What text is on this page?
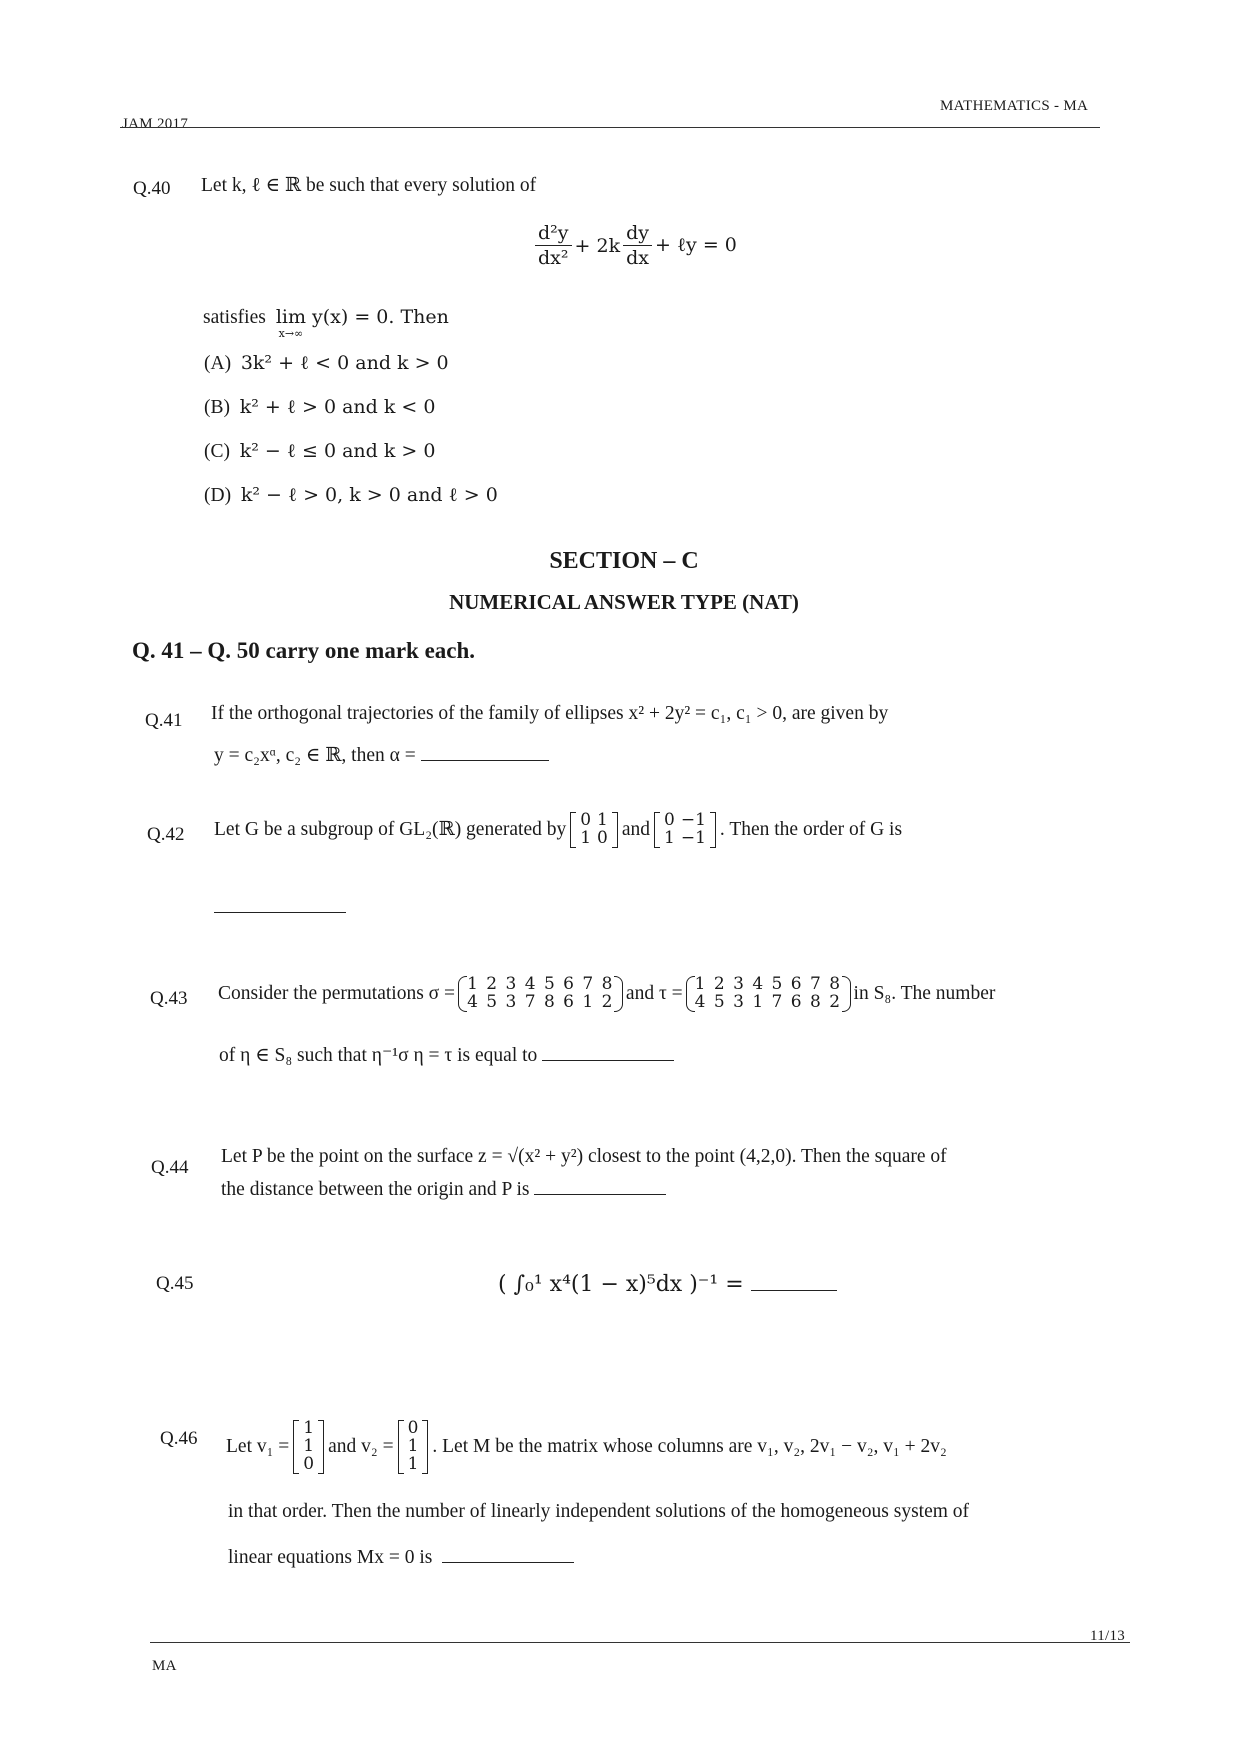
JAM 2017
MATHEMATICS - MA
Q.40 Let k, ℓ ∈ ℝ be such that every solution of
$\frac{\text{d²y}}{\text{dx²}} + 2k \frac{dy}{dx}$ + ℓy = 0
satisfies lim
x→∞
y(x) = 0. Then
(A) 3k² + ℓ < 0 and k > 0
(B) k² + ℓ > 0 and k < 0
(C) k² − ℓ ≤ 0 and k > 0
(D) k² − ℓ > 0, k > 0 and ℓ > 0
SECTION – C
NUMERICAL ANSWER TYPE (NAT)
Q. 41 – Q. 50 carry one mark each.
Q.41 If the orthogonal trajectories of the family of ellipses x² + 2y² = c₁, c₁ > 0, are given by
y = c₂xᵅ, c₂ ∈ ℝ, then α =
Q.42 Let G be a subgroup of GL₂(ℝ) generated by 0	1
1	0 and 0	−1
1	−1 . Then the order of G is
Q.43 Consider the permutations σ = 1 2 3 4 5 6 7 8
4 5 3 7 8 6 1 2 and τ = 1 2 3 4 5 6 7 8
4 5 3 1 7 6 8 2 in S₈. The number
of η ∈ S₈ such that η⁻¹σ η = τ is equal to
Q.44
Let P be the point on the surface z = √(x² + y²) closest to the point (4,2,0). Then the square of
the distance between the origin and P is
Q.45	( ∫₀¹ x⁴(1 − x)⁵dx )⁻¹ =
Q.46 Let v₁ =
1
1
0
and v₂ =
0
1
1
. Let M be the matrix whose columns are v₁, v₂, 2v₁ − v₂, v₁ + 2v₂
in that order. Then the number of linearly independent solutions of the homogeneous system of
linear equations Mx = 0 is
MA
11/13
